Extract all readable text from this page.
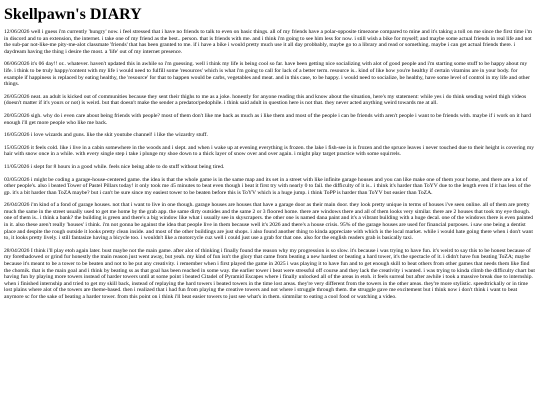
Skellpawn's DIARY

12/06/2026 well i guess i'm currently 'hungry' now. i feel stressed that i have no friends to talk to even on basic things. all of my friends have a polar-opposite timezone compared to mine and it's taking a toll on me since the first time i'm in discord and to an extension, the internet. i take one of my friend as the best.. person. that is friends with me. and i think i'm going to see him less for now. i still wish a bike for myself; and maybe some actual friends in real life and not the sub-par not-like-me pity-me-alot classmate 'friends' that has been granted to me. if i have a bike i would pretty much use it all day probbably, maybe go to a library and read or something. maybe i can get actual friends there. i daydream having the thing i desire the most. a 'life' out of my internet presence.

06/06/2026 it's 06 day!! or.. whatever. haven't updated this in awhile so i'm guessing. well i think my life is being cool so far. have been getting nice socializing with alot of good people and i'm starting some stuff to be happy about my life. i think to be truly happy/content with my life i would need to fulfill some 'resources' which is what i'm going to call for lack of a better term. resource is.. kind of like how you're healthy if certain vitamins are in your body. for example if happiness is replaced by eating healthy, the 'resource' for that to happen would be carbs, vegetables and meat. and in this case, to be happy. i would need to socialize, be healthy, have some level of control in my life and other things.

26/05/2026 neat. an adult is kicked out of communities because they sent their thighs to me as a joke. honestly for anyone reading this and know about the situation, here's my statement: while yes i do think sending weird thigh videos (doesn't matter if it's yours or not) is weird. but that doesn't make the sender a predator/pedophile. i think said adult in question here is not that. they never acted anything weird towards me at all.

20/05/2026 sigh. why do i even care about being friends with people? most of them don't like me back as much as i like them and most of the people i can be friends with aren't people i want to be friends with. maybe if i work on it hard enough i'll get more people who like me back.

16/05/2026 i love wizards and guns. like the skit youtube channel! i like the wizardry stuff.

15/05/2026 it feels cold. like i live in a cabin somewhere in the woods and i slept. and when i wake up at evening everything is frozen. the lake i fish-see in is frozen and the spruce leaves i never touched due to their height is covering my hair with snow once in a while. with every single step i take i plunge my shoe down to a thick layer of snow over and over again. i might play target practice with some squirrels.

11/05/2026 i slept for 8 hours in a good while. feels nice being able to do stuff without being tired.

03/05/2026 i might be coding a garage-house-centered game. the idea is that the whole game is in the same map and its set in a street with like infinite garage houses and you can like make one of them your home, and there are a lot of other people's. also i beated Tower of Pastel Pillars today! it only took me 45 minutes to beat even though i beat it first try with nearly 0 to fail. the difficulty of it is.. i think it's harder than ToYV due to the length even if it has less of the gp. it's a bit harder than ToZA maybe? but i can't be sure since my easiest tower to be beaten before this is ToYV which is a huge jump. i think ToPP is harder than ToYV but easier than ToZA.

26/04/2026 i'm kind of a fond of garage houses. not that i want to live in one though. garage houses are houses that have a garage door as their main door. they look pretty unique in terms of houses i've seen online. all of them are pretty much the same in the street usually used to get me home by the grab app. the same dirty outsides and the same 2 or 3 floored home. there are windows there and all of them looks very similar. there are 2 houses that took my eye though. one of them is.. i think a bank? the building is green and there's a big window like what i usually see in skyscrapers. the other one is named dana paint and it's a vibrant building with a huge decal. one of the windows there is even painted in it. also these aren't really 'houses' i think. i'm not gonna be against the idea that people live in them because well it's 2026 and there's a house crisis. 95% of the garage houses are used for financial purposes. i saw one being a dentist place and despite the rough outside it looks pretty clean inside. and most of the other buildings are just shops. i also found another thing to kinda appreciate with which is the local market. while i would hate going there when i don't want to, it looks pretty lively. i still fantasize having a bicycle too. i wouldn't like a motorcycle cuz well i could just use a grab for that one. also for the english readers grab is basically taxi.

28/04/2026 I think i'll play etoh again later. bust maybe not the main game. after alot of thinking i finally found the reason why my progression is so slow. it's because i was trying to have fun. it's weird to say this to be honest because of my forethadowed or grind fur honestly the main reason just went away, but yeah. my kind of fun isn't the glory that came from beating a new hardest or beating a hard tower, it's the spectacle of it. i didn't have fun beating ToZA; maybe because it's meant to be a tower to be beaten and not to be put any creativity. i remember when i first played the game in 2025 i was playing it to have fun and to get enough skill to beat others from other games that needs them like find the chomik. that is the main goal and i think by beating ss as that goal has been reached in some way. the earlier tower i beat were stressful off course and they lack the creativity i wanted. i was trying to kinda climb the difficulty chart but having fun by playing more towers instead of harder towers until at some point i beated Citadel of Pyramid Escapes where i finally unlocked all of the areas in etoh. it feels surreal but after awhile i took a massive break due to internship. when i finished internship and tried to get my skill back, instead of replaying the hard towers i beated towers in the time lost areas. they're very different from the towers in the other areas. they're more stylistic. speedtrickally or in time lost plains where alot of the towers are theme-based. then i realized that i had fun from playing the creative towers and not where i struggle through them. the struggle gave me excitement but i think now i don't think i want to beat anymore sc for the sake of beating a harder tower. from this point on i think i'll beat easier towers to just see what's in them. simmilar to eating a cool food or watching a video.
